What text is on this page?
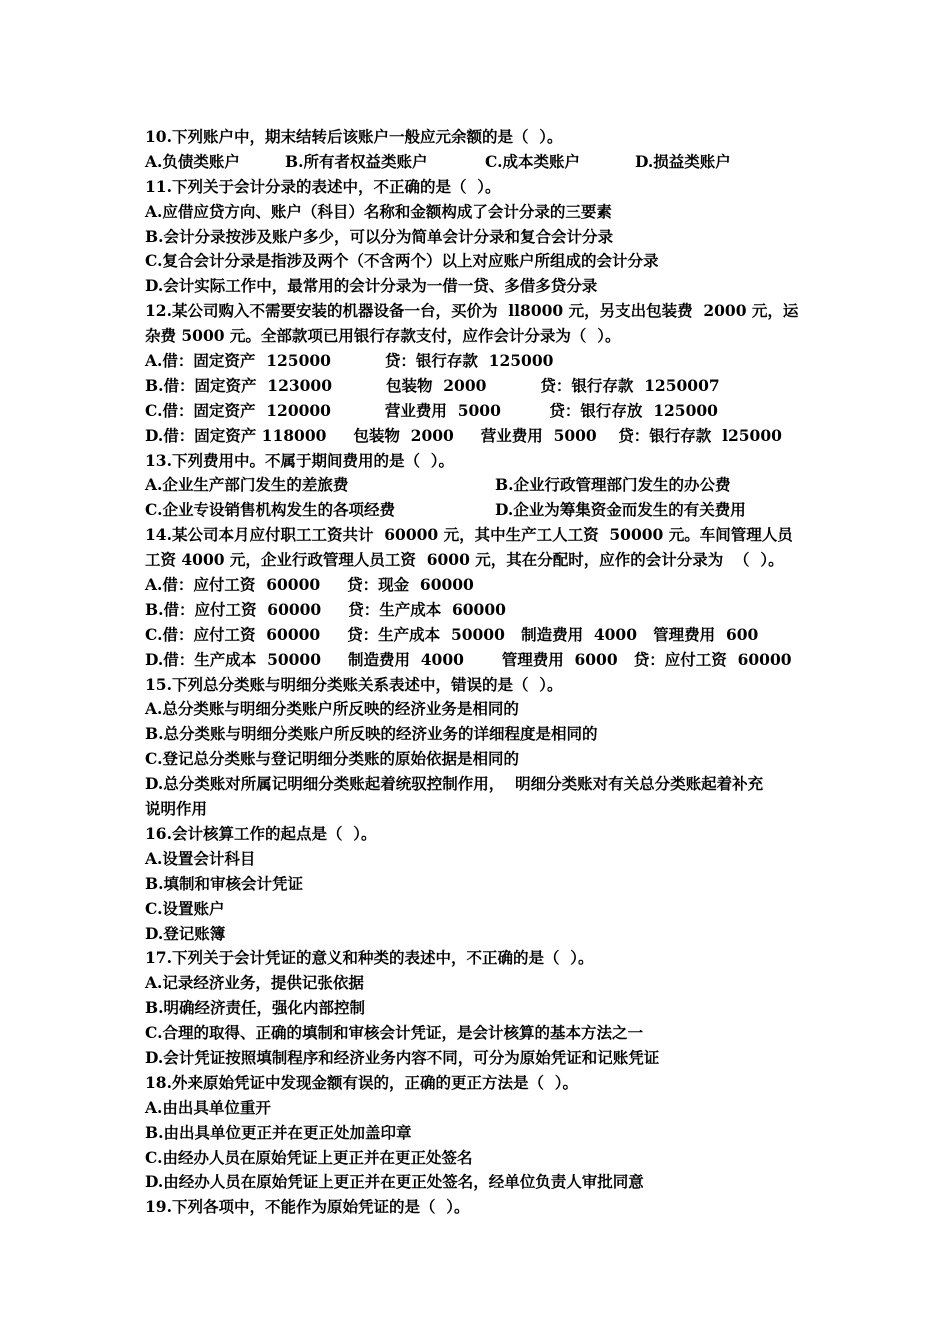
10.下列账户中，期末结转后该账户一般应元余额的是（  ）。
A.负债类账户	B.所有者权益类账户	C.成本类账户	D.损益类账户
11.下列关于会计分录的表述中，不正确的是（  ）。
A.应借应贷方向、账户（科目）名称和金额构成了会计分录的三要素
B.会计分录按涉及账户多少，可以分为简单会计分录和复合会计分录
C.复合会计分录是指涉及两个（不含两个）以上对应账户所组成的会计分录
D.会计实际工作中，最常用的会计分录为一借一贷、多借多贷分录
12.某公司购入不需要安装的机器设备一台，买价为  ll8000 元，另支出包装费  2000 元，运
杂费 5000 元。全部款项已用银行存款支付，应作会计分录为（  ）。
A.借：固定资产  125000          贷：银行存款  125000
B.借：固定资产  123000          包装物  2000          贷：银行存款  1250007
C.借：固定资产  120000          营业费用  5000         贷：银行存放  125000
D.借：固定资产 118000     包装物  2000     营业费用  5000    贷：银行存款  l25000
13.下列费用中。不属于期间费用的是（  ）。
A.企业生产部门发生的差旅费	B.企业行政管理部门发生的办公费
C.企业专设销售机构发生的各项经费	D.企业为筹集资金而发生的有关费用
14.某公司本月应付职工工资共计  60000 元，其中生产工人工资  50000 元。车间管理人员
工资 4000 元，企业行政管理人员工资  6000 元，其在分配时，应作的会计分录为  （  ）。
A.借：应付工资  60000     贷：现金  60000
B.借：应付工资  60000     贷：生产成本  60000
C.借：应付工资  60000     贷：生产成本  50000   制造费用  4000   管理费用  600
D.借：生产成本  50000     制造费用  4000       管理费用  6000   贷：应付工资  60000
15.下列总分类账与明细分类账关系表述中，错误的是（  ）。
A.总分类账与明细分类账户所反映的经济业务是相同的
B.总分类账与明细分类账户所反映的经济业务的详细程度是相同的
C.登记总分类账与登记明细分类账的原始依据是相同的
D.总分类账对所属记明细分类账起着统驭控制作用，  明细分类账对有关总分类账起着补充
说明作用
16.会计核算工作的起点是（  ）。
A.设置会计科目
B.填制和审核会计凭证
C.设置账户
D.登记账簿
17.下列关于会计凭证的意义和种类的表述中，不正确的是（  ）。
A.记录经济业务，提供记张依据
B.明确经济责任，强化内部控制
C.合理的取得、正确的填制和审核会计凭证，是会计核算的基本方法之一
D.会计凭证按照填制程序和经济业务内容不同，可分为原始凭证和记账凭证
18.外来原始凭证中发现金额有误的，正确的更正方法是（  ）。
A.由出具单位重开
B.由出具单位更正并在更正处加盖印章
C.由经办人员在原始凭证上更正并在更正处签名
D.由经办人员在原始凭证上更正并在更正处签名，经单位负责人审批同意
19.下列各项中，不能作为原始凭证的是（  ）。
